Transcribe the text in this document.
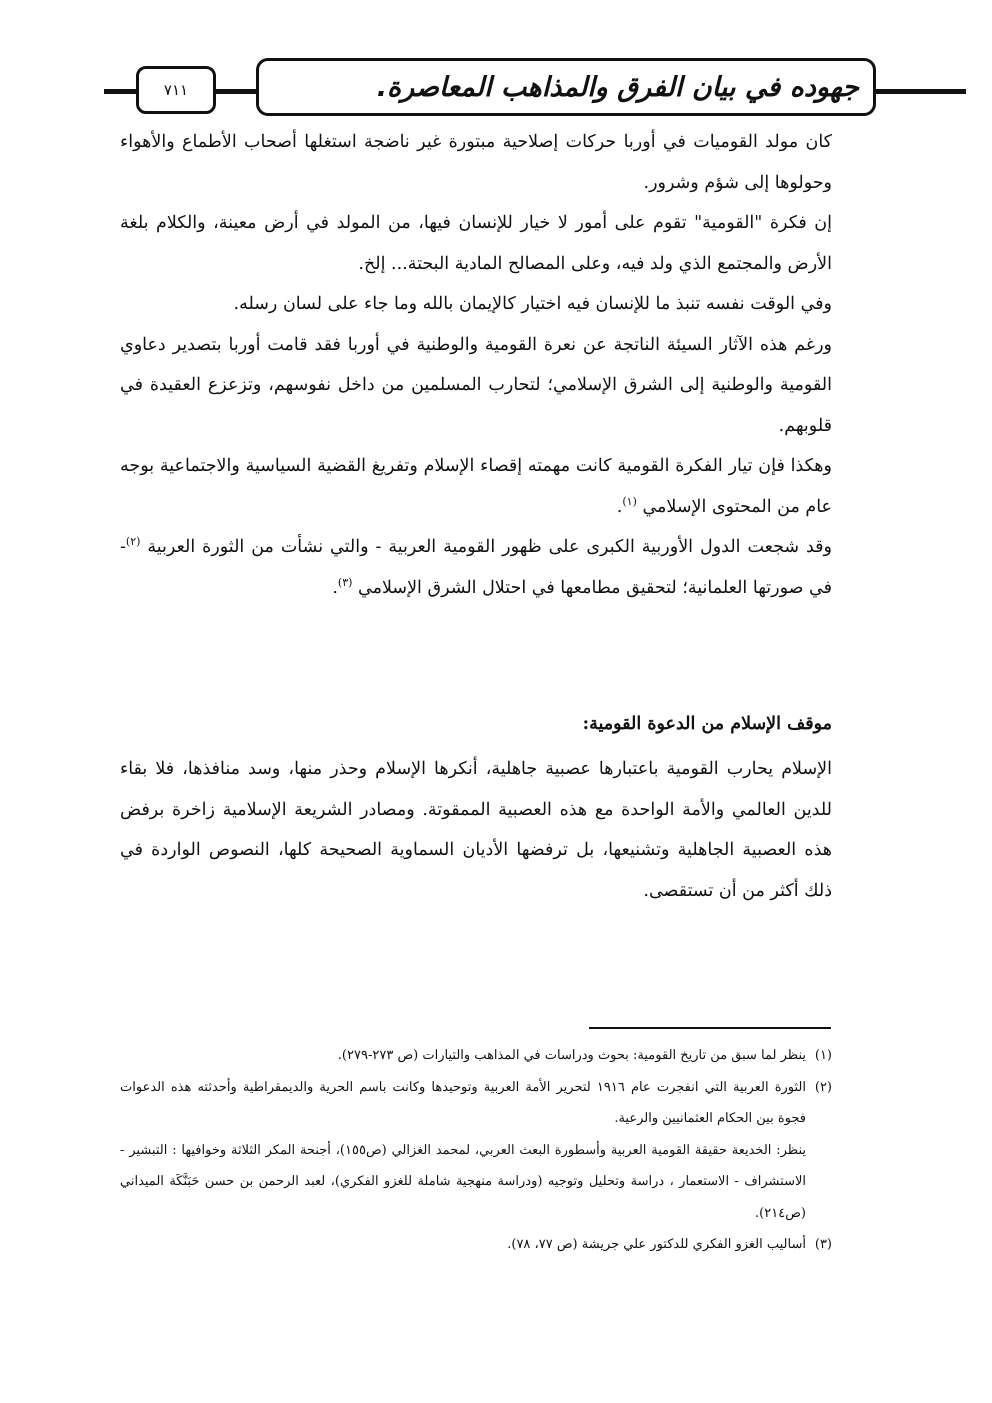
٧١١	جهوده في بيان الفرق والمذاهب المعاصرة.

كان مولد القوميات في أوربا حركات إصلاحية مبتورة غير ناضجة استغلها أصحاب الأطماع والأهواء وحولوها إلى شؤم وشرور.

إن فكرة "القومية" تقوم على أمور لا خيار للإنسان فيها، من المولد في أرض معينة، والكلام بلغة الأرض والمجتمع الذي ولد فيه، وعلى المصالح المادية البحتة... إلخ.

وفي الوقت نفسه تنبذ ما للإنسان فيه اختيار كالإيمان بالله وما جاء على لسان رسله.

ورغم هذه الآثار السيئة الناتجة عن نعرة القومية والوطنية في أوربا فقد قامت أوربا بتصدير دعاوي القومية والوطنية إلى الشرق الإسلامي؛ لتحارب المسلمين من داخل نفوسهم، وتزعزع العقيدة في قلوبهم.

وهكذا فإن تيار الفكرة القومية كانت مهمته إقصاء الإسلام وتفريغ القضية السياسية والاجتماعية بوجه عام من المحتوى الإسلامي $^{(١)}$.

وقد شجعت الدول الأوربية الكبرى على ظهور القومية العربية - والتي نشأت من الثورة العربية $^{(٢)}$- في صورتها العلمانية؛ لتحقيق مطامعها في احتلال الشرق الإسلامي $^{(٣)}$.

موقف الإسلام من الدعوة القومية:

الإسلام يحارب القومية باعتبارها عصبية جاهلية، أنكرها الإسلام وحذر منها، وسد منافذها، فلا بقاء للدين العالمي والأمة الواحدة مع هذه العصبية الممقوتة. ومصادر الشريعة الإسلامية زاخرة برفض هذه العصبية الجاهلية وتشنيعها، بل ترفضها الأديان السماوية الصحيحة كلها، النصوص الواردة في ذلك أكثر من أن تستقصى.

(١)
ينظر لما سبق من تاريخ القومية: بحوث ودراسات في المذاهب والتيارات (ص ٢٧٣-٢٧٩).
(٢)
الثورة العربية التي انفجرت عام ١٩١٦ لتحرير الأمة العربية وتوحيدها وكانت باسم الحرية والديمقراطية وأحدثته هذه الدعوات فجوة بين الحكام العثمانيين والرعية.
ينظر: الخديعة حقيقة القومية العربية وأسطورة البعث العربي، لمحمد الغزالي (ص١٥٥)، أجنحة المكر الثلاثة وخوافيها : التبشير - الاستشراف - الاستعمار ، دراسة وتحليل وتوجيه (ودراسة منهجية شاملة للغزو الفكري)، لعبد الرحمن بن حسن حَبَنَّكَة الميداني (ص٢١٤).
(٣)
أساليب الغزو الفكري للدكتور علي جريشة (ص ٧٧، ٧٨).
